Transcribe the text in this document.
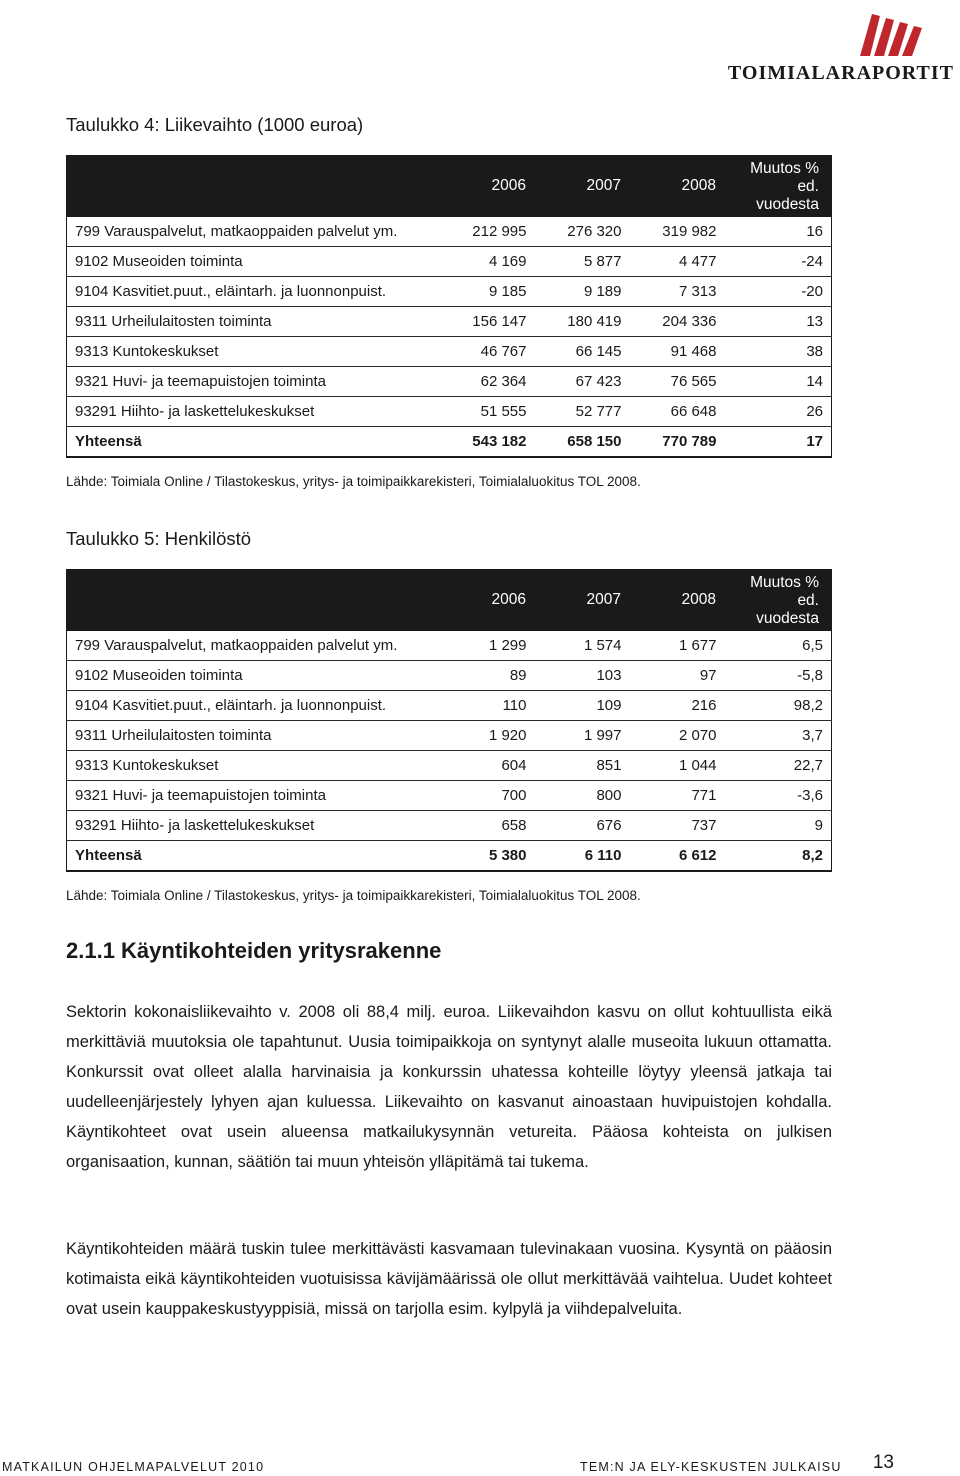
TOIMIALARAPORTIT
Taulukko 4: Liikevaihto (1000 euroa)
	2006	2007	2008	Muutos % ed. vuodesta

799 Varauspalvelut, matkaoppaiden palvelut ym.	212 995	276 320	319 982	16
9102 Museoiden toiminta	4 169	5 877	4 477	-24
9104 Kasvitiet.puut., eläintarh. ja luonnonpuist.	9 185	9 189	7 313	-20
9311 Urheilulaitosten toiminta	156 147	180 419	204 336	13
9313 Kuntokeskukset	46 767	66 145	91 468	38
9321 Huvi- ja teemapuistojen toiminta	62 364	67 423	76 565	14
93291 Hiihto- ja laskettelukeskukset	51 555	52 777	66 648	26
Yhteensä	543 182	658 150	770 789	17
Lähde: Toimiala Online / Tilastokeskus, yritys- ja toimipaikkarekisteri, Toimialaluokitus TOL 2008.
Taulukko 5: Henkilöstö
	2006	2007	2008	Muutos % ed. vuodesta

799 Varauspalvelut, matkaoppaiden palvelut ym.	1 299	1 574	1 677	6,5
9102 Museoiden toiminta	89	103	97	-5,8
9104 Kasvitiet.puut., eläintarh. ja luonnonpuist.	110	109	216	98,2
9311 Urheilulaitosten toiminta	1 920	1 997	2 070	3,7
9313 Kuntokeskukset	604	851	1 044	22,7
9321 Huvi- ja teemapuistojen toiminta	700	800	771	-3,6
93291 Hiihto- ja laskettelukeskukset	658	676	737	9
Yhteensä	5 380	6 110	6 612	8,2
Lähde: Toimiala Online / Tilastokeskus, yritys- ja toimipaikkarekisteri, Toimialaluokitus TOL 2008.
2.1.1 Käyntikohteiden yritysrakenne
Sektorin kokonaisliikevaihto v. 2008 oli 88,4 milj. euroa. Liikevaihdon kasvu on ollut kohtuullista eikä merkittäviä muutoksia ole tapahtunut. Uusia toimipaikkoja on syntynyt alalle museoita lukuun ottamatta. Konkurssit ovat olleet alalla harvinaisia ja konkurssin uhatessa kohteille löytyy yleensä jatkaja tai uudelleenjärjestely lyhyen ajan kuluessa. Liikevaihto on kasvanut ainoastaan huvipuistojen kohdalla. Käyntikohteet ovat usein alueensa matkailukysynnän vetureita. Pääosa kohteista on julkisen organisaation, kunnan, säätiön tai muun yhteisön ylläpitämä tai tukema.
Käyntikohteiden määrä tuskin tulee merkittävästi kasvamaan tulevinakaan vuosina. Kysyntä on pääosin kotimaista eikä käyntikohteiden vuotuisissa kävijämäärissä ole ollut merkittävää vaihtelua. Uudet kohteet ovat usein kauppakeskustyyppisiä, missä on tarjolla esim. kylpylä ja viihdepalveluita.
MATKAILUN OHJELMAPALVELUT 2010	TEM:N JA ELY-KESKUSTEN JULKAISU 13
